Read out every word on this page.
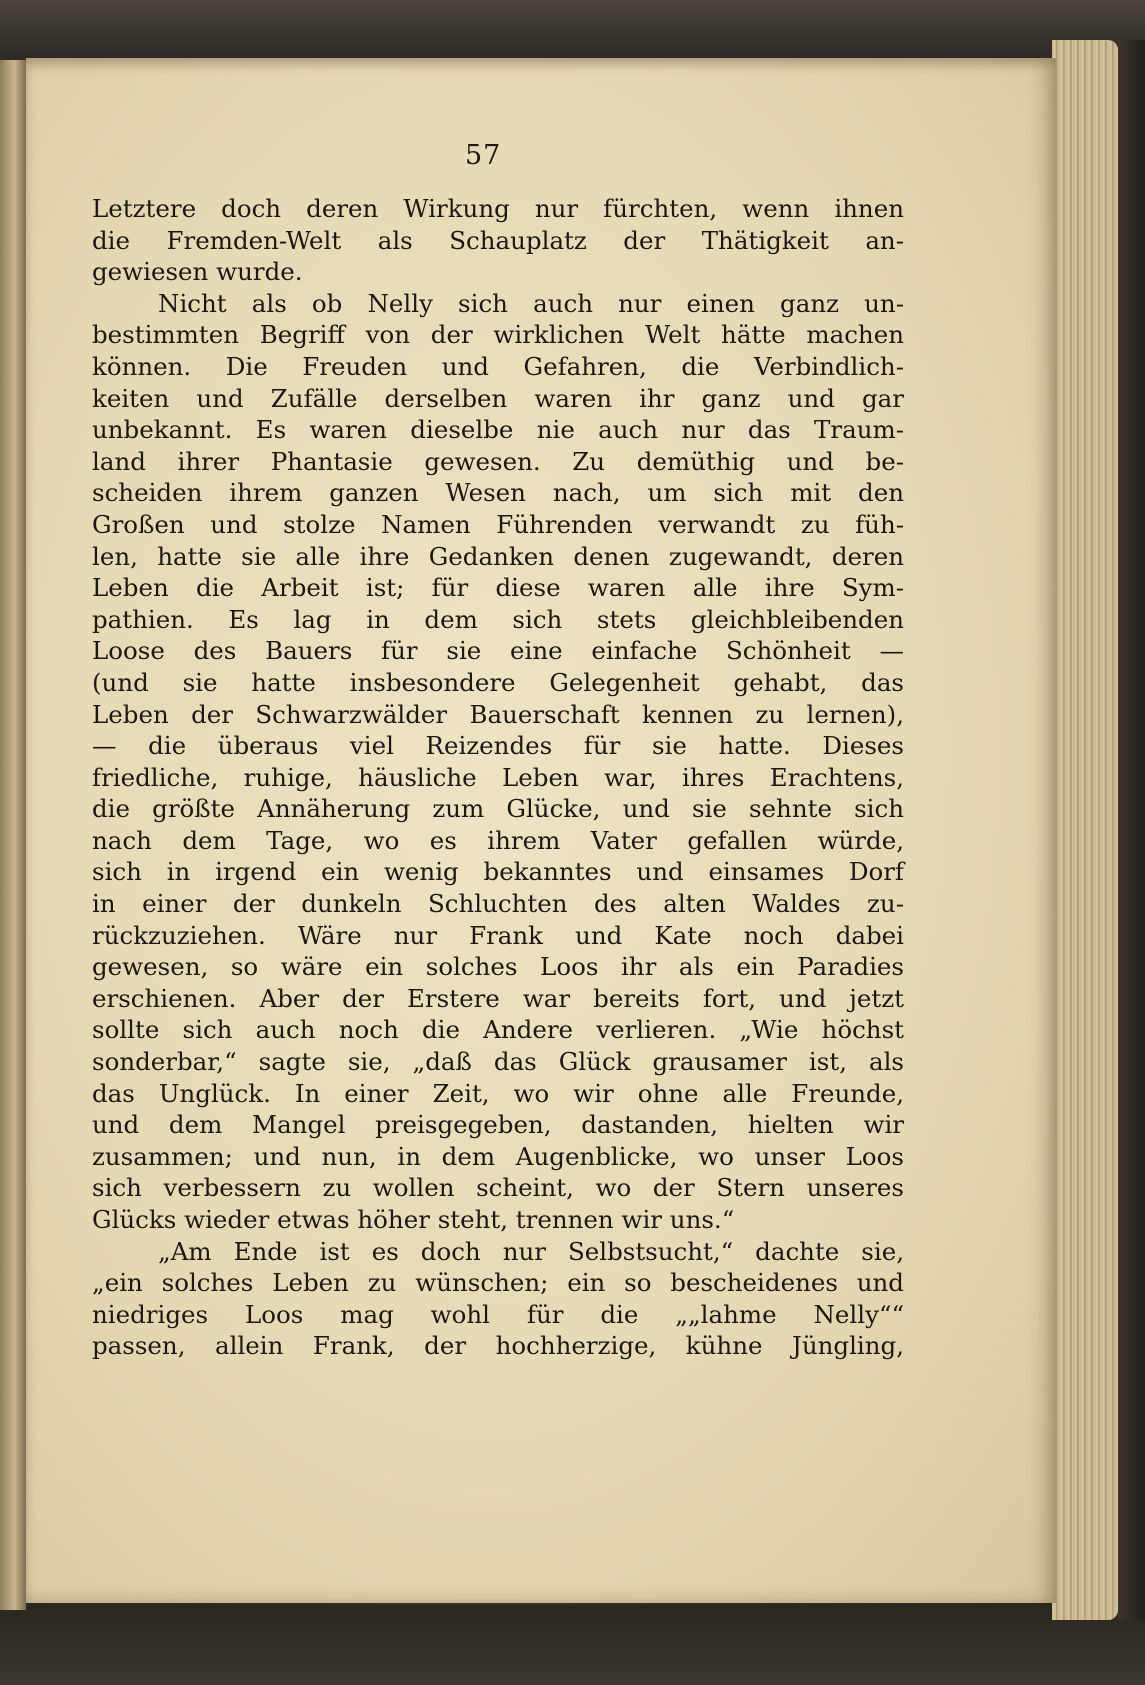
57
Letztere doch deren Wirkung nur fürchten, wenn ihnen
die Fremden-Welt als Schauplatz der Thätigkeit an-
gewiesen wurde.
Nicht als ob Nelly sich auch nur einen ganz un-
bestimmten Begriff von der wirklichen Welt hätte machen
können. Die Freuden und Gefahren, die Verbindlich-
keiten und Zufälle derselben waren ihr ganz und gar
unbekannt. Es waren dieselbe nie auch nur das Traum-
land ihrer Phantasie gewesen. Zu demüthig und be-
scheiden ihrem ganzen Wesen nach, um sich mit den
Großen und stolze Namen Führenden verwandt zu füh-
len, hatte sie alle ihre Gedanken denen zugewandt, deren
Leben die Arbeit ist; für diese waren alle ihre Sym-
pathien. Es lag in dem sich stets gleichbleibenden
Loose des Bauers für sie eine einfache Schönheit —
(und sie hatte insbesondere Gelegenheit gehabt, das
Leben der Schwarzwälder Bauerschaft kennen zu lernen),
— die überaus viel Reizendes für sie hatte. Dieses
friedliche, ruhige, häusliche Leben war, ihres Erachtens,
die größte Annäherung zum Glücke, und sie sehnte sich
nach dem Tage, wo es ihrem Vater gefallen würde,
sich in irgend ein wenig bekanntes und einsames Dorf
in einer der dunkeln Schluchten des alten Waldes zu-
rückzuziehen. Wäre nur Frank und Kate noch dabei
gewesen, so wäre ein solches Loos ihr als ein Paradies
erschienen. Aber der Erstere war bereits fort, und jetzt
sollte sich auch noch die Andere verlieren. „Wie höchst
sonderbar,“ sagte sie, „daß das Glück grausamer ist, als
das Unglück. In einer Zeit, wo wir ohne alle Freunde,
und dem Mangel preisgegeben, dastanden, hielten wir
zusammen; und nun, in dem Augenblicke, wo unser Loos
sich verbessern zu wollen scheint, wo der Stern unseres
Glücks wieder etwas höher steht, trennen wir uns.“
„Am Ende ist es doch nur Selbstsucht,“ dachte sie,
„ein solches Leben zu wünschen; ein so bescheidenes und
niedriges Loos mag wohl für die „„lahme Nelly““
passen, allein Frank, der hochherzige, kühne Jüngling,
